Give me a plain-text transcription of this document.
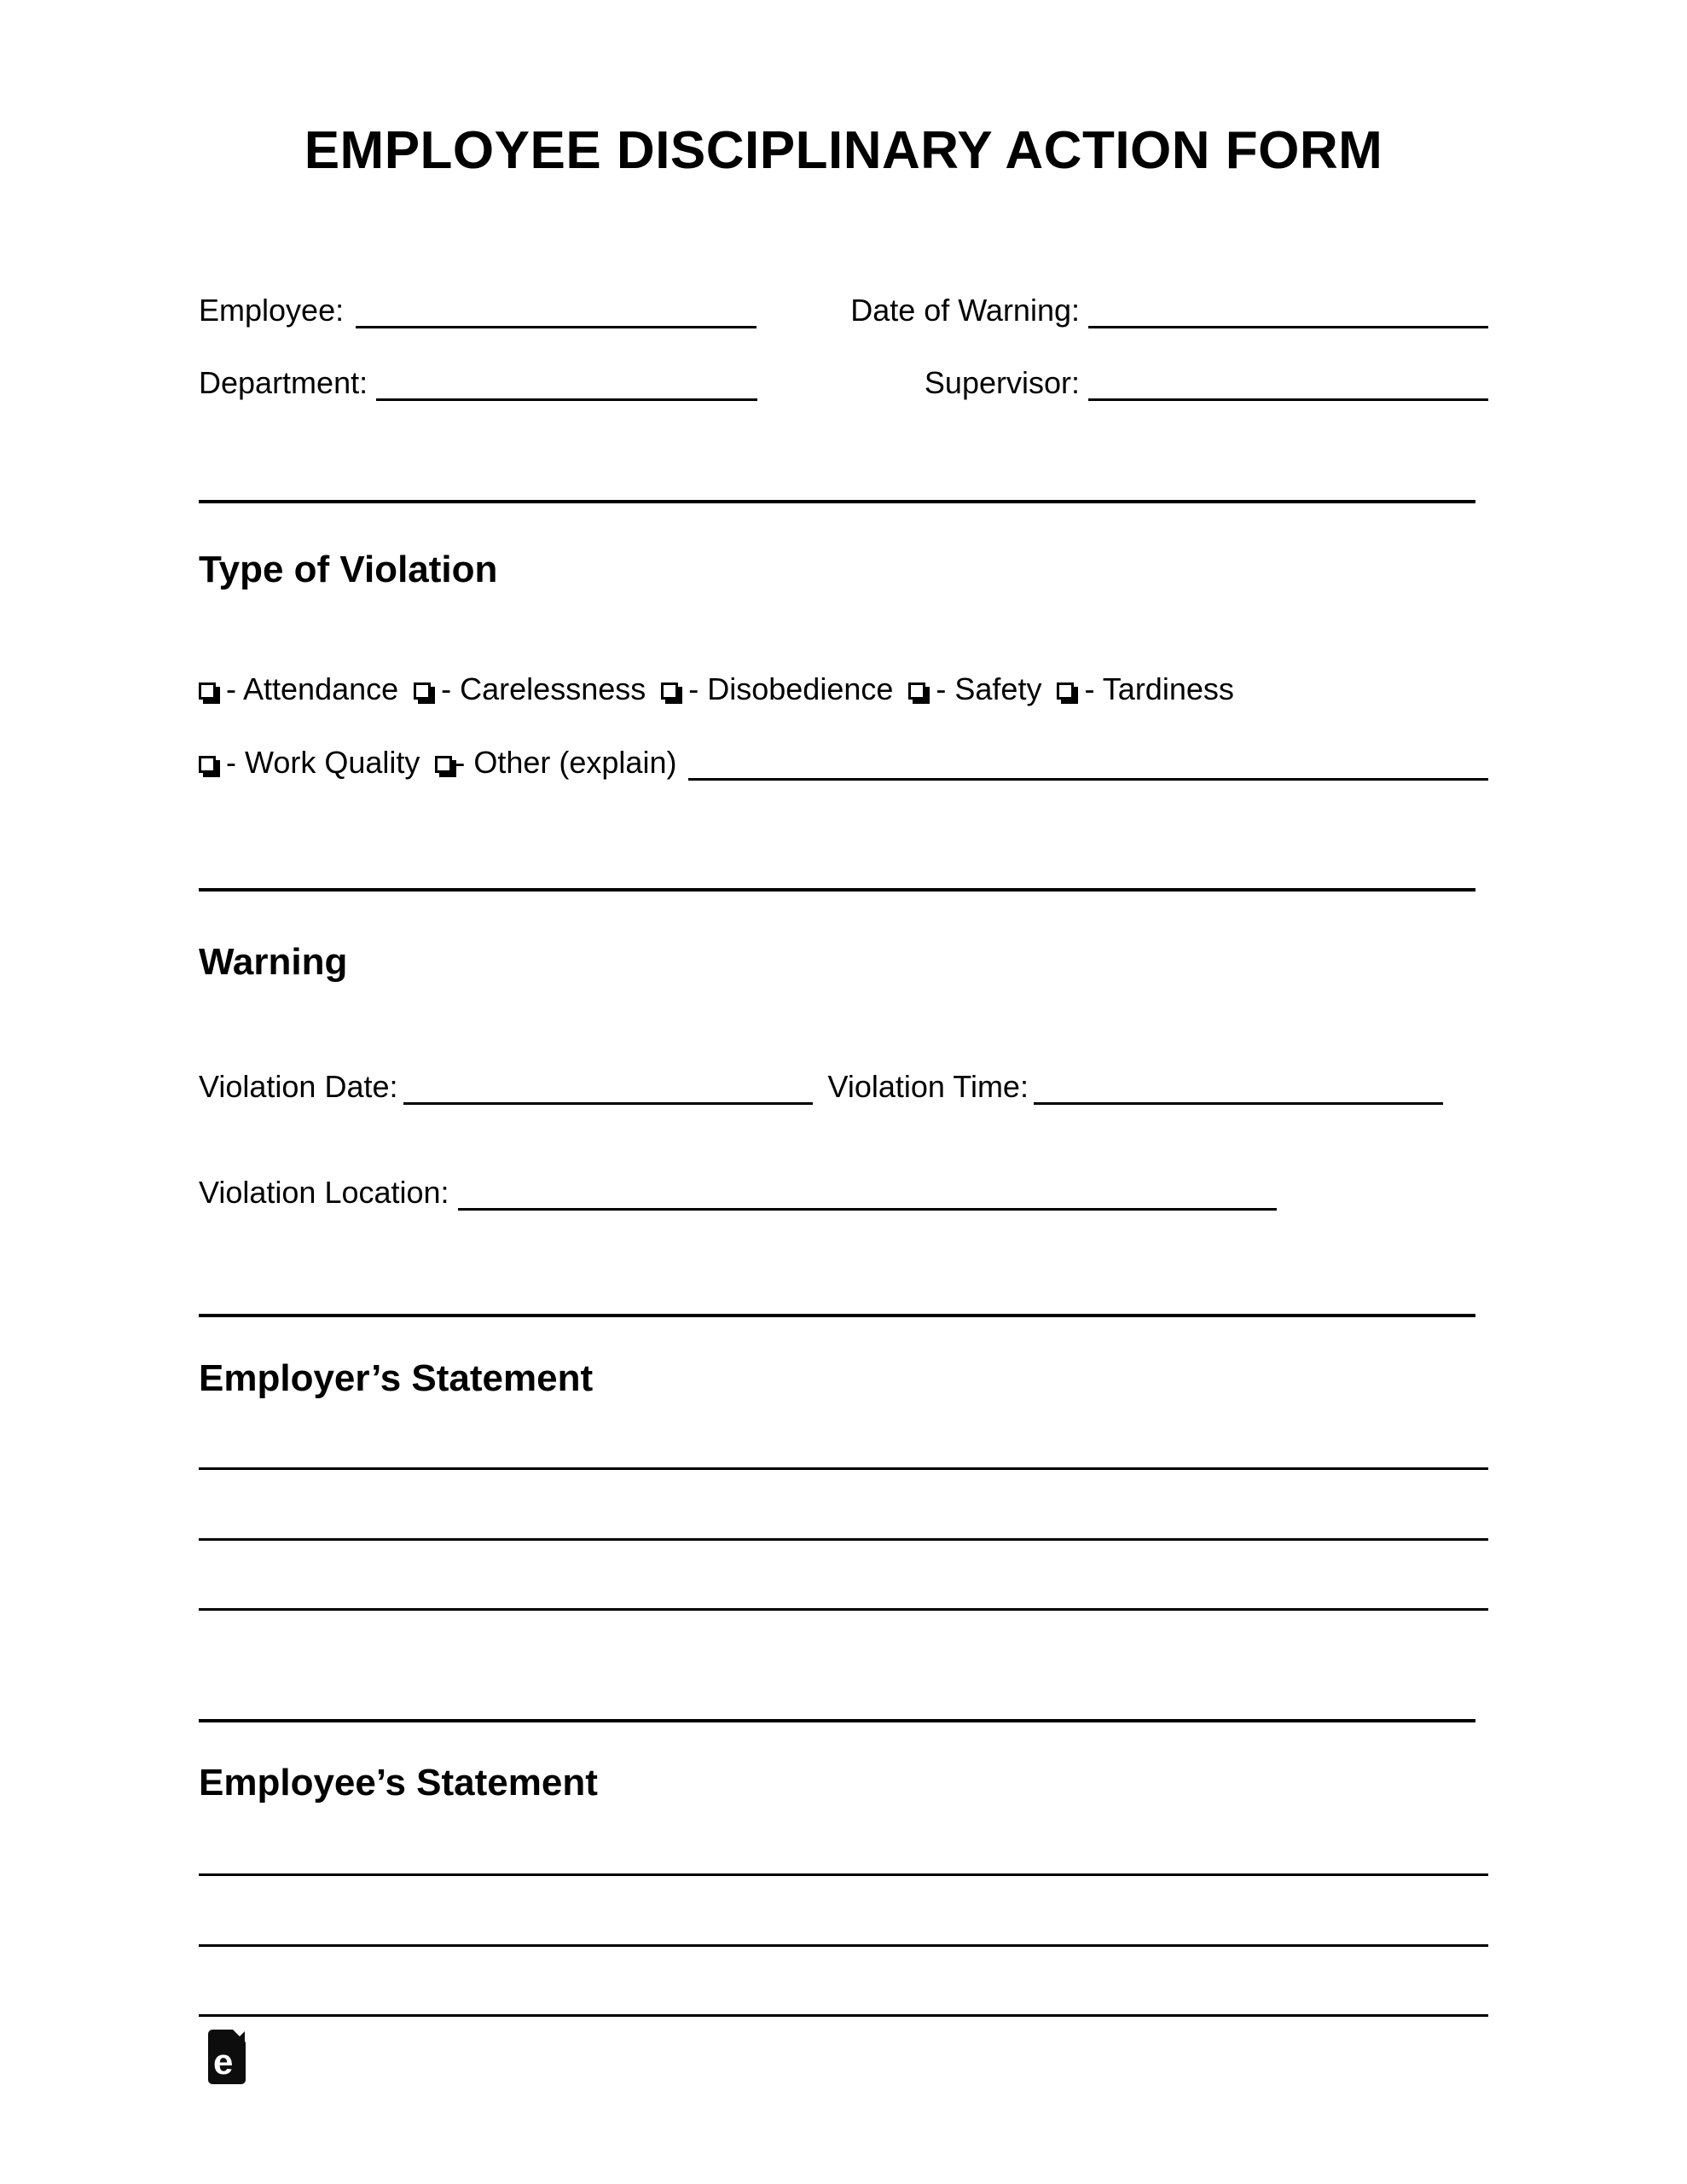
EMPLOYEE DISCIPLINARY ACTION FORM
Employee:	Date of Warning:
Department:	Supervisor:
Type of Violation
- Attendance - Carelessness - Disobedience - Safety - Tardiness
- Work Quality - Other (explain)
Warning
Violation Date:	Violation Time:
Violation Location:
Employer’s Statement
Employee’s Statement
e
